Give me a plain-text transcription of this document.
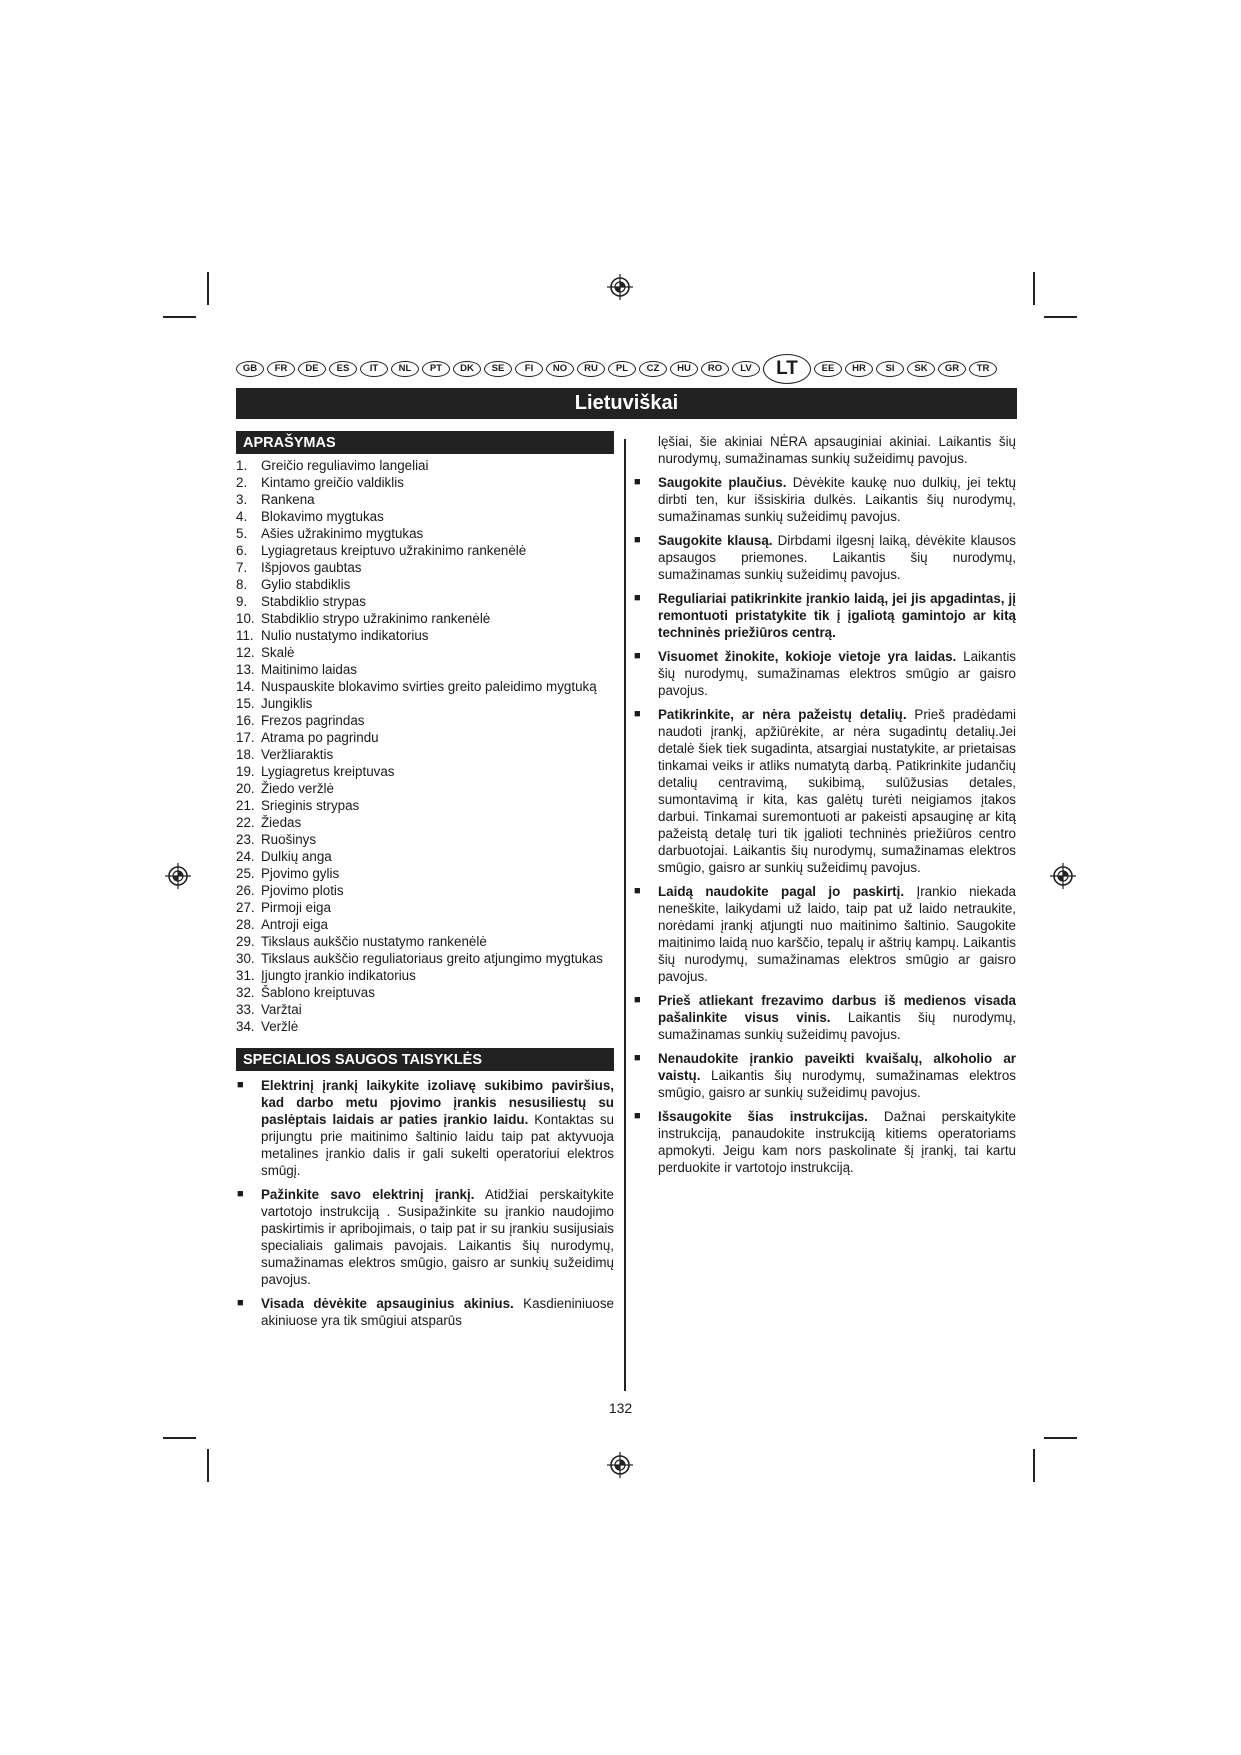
GB	FR	DE	ES	IT	NL	PT	DK	SE	FI	NO	RU	PL	CZ	HU	RO	LV	LT	EE	HR	SI	SK	GR	TR
Lietuviškai
APRAŠYMAS
1.	Greičio reguliavimo langeliai
2.	Kintamo greičio valdiklis
3.	Rankena
4.	Blokavimo mygtukas
5.	Ašies užrakinimo mygtukas
6.	Lygiagretaus kreiptuvo užrakinimo rankenėlė
7.	Išpjovos gaubtas
8.	Gylio stabdiklis
9.	Stabdiklio strypas
10. Stabdiklio strypo užrakinimo rankenėlė
11. Nulio nustatymo indikatorius
12. Skalė
13. Maitinimo laidas
14. Nuspauskite blokavimo svirties greito paleidimo mygtuką
15. Jungiklis
16. Frezos pagrindas
17. Atrama po pagrindu
18. Veržliaraktis
19. Lygiagretus kreiptuvas
20. Žiedo veržlė
21. Srieginis strypas
22. Žiedas
23. Ruošinys
24. Dulkių anga
25. Pjovimo gylis
26. Pjovimo plotis
27. Pirmoji eiga
28. Antroji eiga
29. Tikslaus aukščio nustatymo rankenėlė
30. Tikslaus aukščio reguliatoriaus greito atjungimo mygtukas
31. Įjungto įrankio indikatorius
32. Šablono kreiptuvas
33. Varžtai
34. Veržlė
SPECIALIOS SAUGOS TAISYKLĖS
■	Elektrinį įrankį laikykite izoliavę sukibimo paviršius, kad darbo metu pjovimo įrankis nesusiliestų su paslėptais laidais ar paties įrankio laidu. Kontaktas su prijungtu prie maitinimo šaltinio laidu taip pat aktyvuoja metalines įrankio dalis ir gali sukelti operatoriui elektros smūgį.
■	Pažinkite savo elektrinį įrankį. Atidžiai perskaitykite vartotojo instrukciją . Susipažinkite su įrankio naudojimo paskirtimis ir apribojimais, o taip pat ir su įrankiu susijusiais specialiais galimais pavojais. Laikantis šių nurodymų, sumažinamas elektros smūgio, gaisro ar sunkių sužeidimų pavojus.
■	Visada dėvėkite apsauginius akinius. Kasdieniniuose akiniuose yra tik smūgiui atsparūs
lęšiai, šie akiniai NĖRA apsauginiai akiniai. Laikantis šių nurodymų, sumažinamas sunkių sužeidimų pavojus.
■	Saugokite plaučius. Dėvėkite kaukę nuo dulkių, jei tektų dirbti ten, kur išsiskiria dulkės. Laikantis šių nurodymų, sumažinamas sunkių sužeidimų pavojus.
■	Saugokite klausą. Dirbdami ilgesnį laiką, dėvėkite klausos apsaugos priemones. Laikantis šių nurodymų, sumažinamas sunkių sužeidimų pavojus.
■	Reguliariai patikrinkite įrankio laidą, jei jis apgadintas, jį remontuoti pristatykite tik į įgaliotą gamintojo ar kitą techninės priežiūros centrą.
■	Visuomet žinokite, kokioje vietoje yra laidas. Laikantis šių nurodymų, sumažinamas elektros smūgio ar gaisro pavojus.
■	Patikrinkite, ar nėra pažeistų detalių. Prieš pradėdami naudoti įrankį, apžiūrėkite, ar nėra sugadintų detalių.Jei detalė šiek tiek sugadinta, atsargiai nustatykite, ar prietaisas tinkamai veiks ir atliks numatytą darbą. Patikrinkite judančių detalių centravimą, sukibimą, sulūžusias detales, sumontavimą ir kita, kas galėtų turėti neigiamos įtakos darbui. Tinkamai suremontuoti ar pakeisti apsauginę ar kitą pažeistą detalę turi tik įgalioti techninės priežiūros centro darbuotojai. Laikantis šių nurodymų, sumažinamas elektros smūgio, gaisro ar sunkių sužeidimų pavojus.
■	Laidą naudokite pagal jo paskirtį. Įrankio niekada neneškite, laikydami už laido, taip pat už laido netraukite, norėdami įrankį atjungti nuo maitinimo šaltinio. Saugokite maitinimo laidą nuo karščio, tepalų ir aštrių kampų. Laikantis šių nurodymų, sumažinamas elektros smūgio ar gaisro pavojus.
■	Prieš atliekant frezavimo darbus iš medienos visada pašalinkite visus vinis. Laikantis šių nurodymų, sumažinamas sunkių sužeidimų pavojus.
■	Nenaudokite įrankio paveikti kvaišalų, alkoholio ar vaistų. Laikantis šių nurodymų, sumažinamas elektros smūgio, gaisro ar sunkių sužeidimų pavojus.
■	Išsaugokite šias instrukcijas. Dažnai perskaitykite instrukciją, panaudokite instrukciją kitiems operatoriams apmokyti. Jeigu kam nors paskolinate šį įrankį, tai kartu perduokite ir vartotojo instrukciją.
132
